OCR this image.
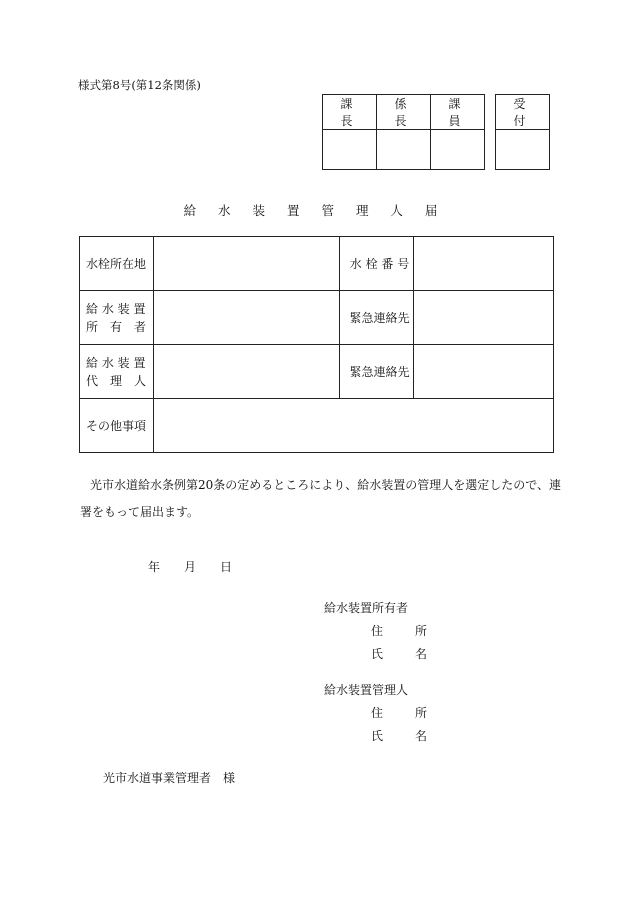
様式第8号(第12条関係)
課　長	係　長	課　員

受　付

給 水 装 置 管 理 人 届
水栓所在地		水 栓 番 号	

給 水 装 置
所　有　者		緊急連絡先	

給 水 装 置
代　理　人		緊急連絡先	
その他事項			
光市水道給水条例第20条の定めるところにより、給水装置の管理人を選定したので、連署をもって届出ます。
年 月 日
給水装置所有者
住　所
氏　名
給水装置管理人
住　所
氏　名
光市水道事業管理者　様
